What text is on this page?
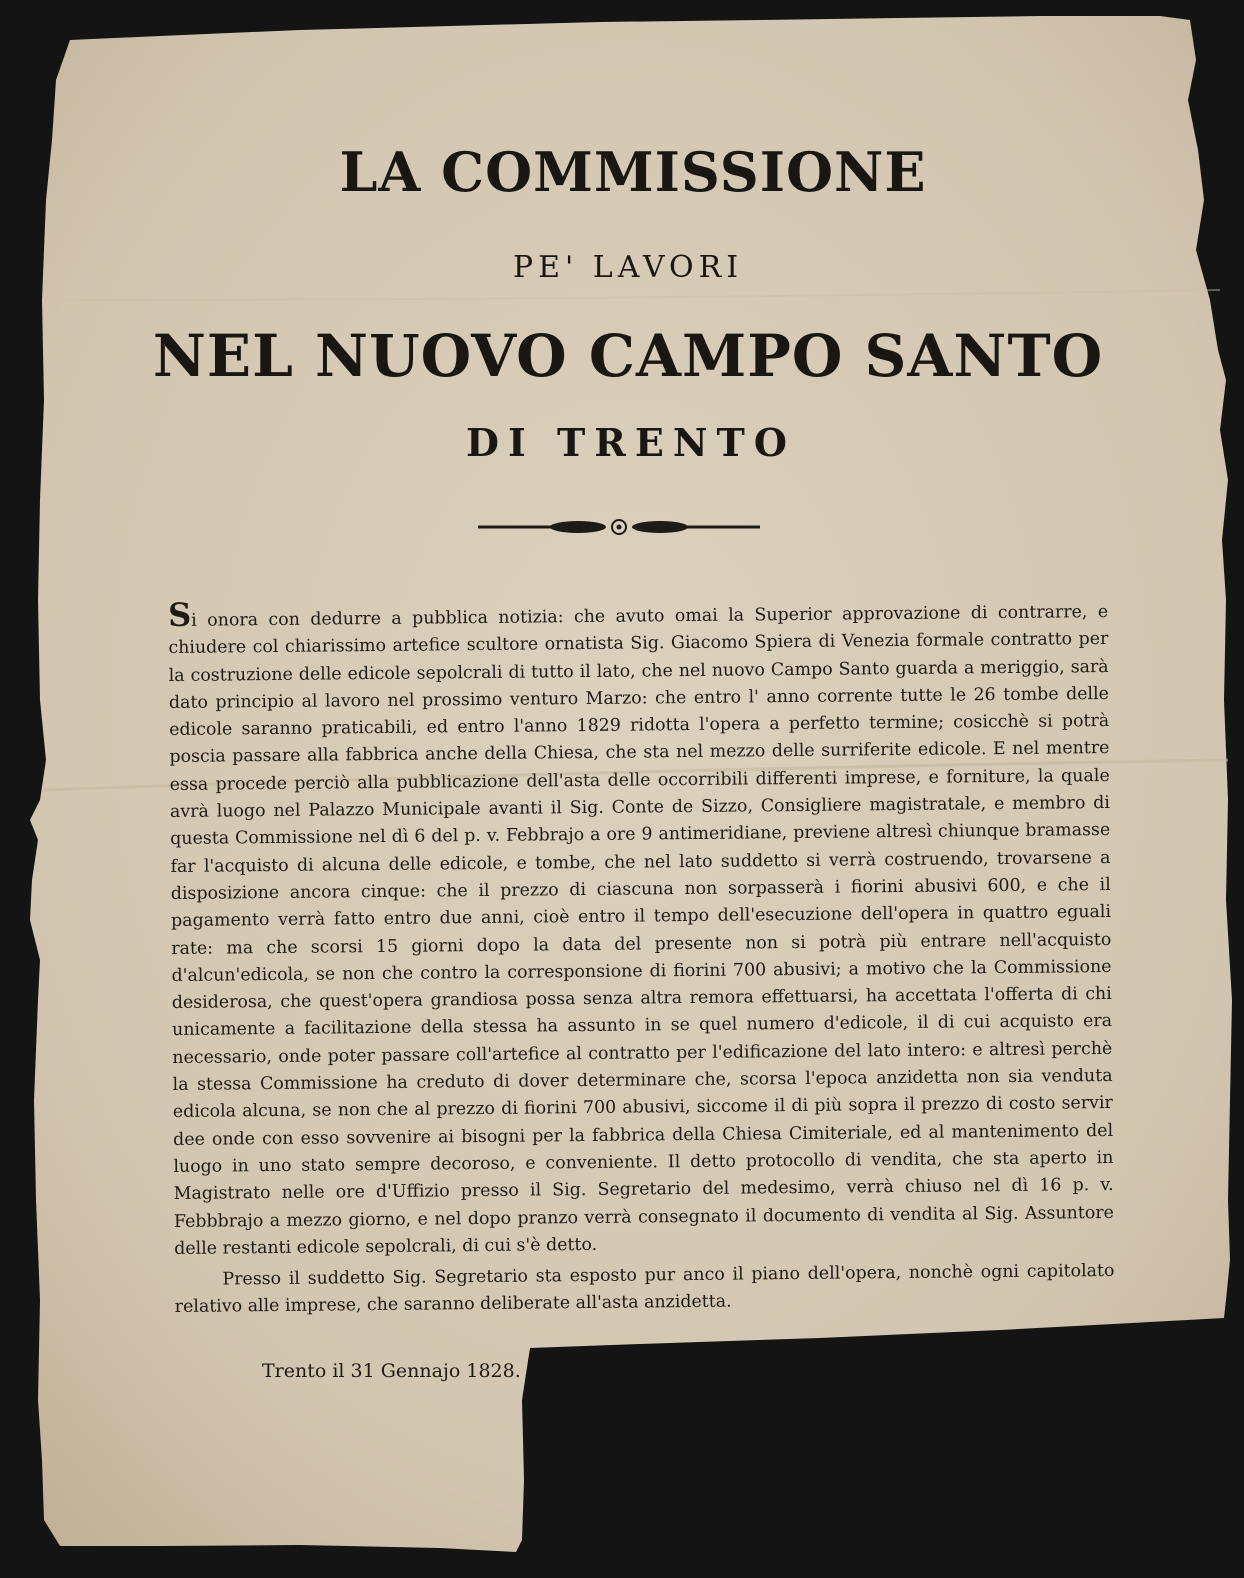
LA COMMISSIONE
PE' LAVORI
NEL NUOVO CAMPO SANTO
DI TRENTO

Si onora con dedurre a pubblica notizia: che avuto omai la Superior approvazione di contrarre, e chiudere col chiarissimo artefice scultore ornatista Sig. Giacomo Spiera di Venezia formale contratto per la costruzione delle edicole sepolcrali di tutto il lato, che nel nuovo Campo Santo guarda a meriggio, sarà dato principio al lavoro nel prossimo venturo Marzo: che entro l' anno corrente tutte le 26 tombe delle edicole saranno praticabili, ed entro l'anno 1829 ridotta l'opera a perfetto termine; cosicchè si potrà poscia passare alla fabbrica anche della Chiesa, che sta nel mezzo delle surriferite edicole. E nel mentre essa procede perciò alla pubblicazione dell'asta delle occorribili differenti imprese, e forniture, la quale avrà luogo nel Palazzo Municipale avanti il Sig. Conte de Sizzo, Consigliere magistratale, e membro di questa Commissione nel dì 6 del p. v. Febbrajo a ore 9 antimeridiane, previene altresì chiunque bramasse far l'acquisto di alcuna delle edicole, e tombe, che nel lato suddetto si verrà costruendo, trovarsene a disposizione ancora cinque: che il prezzo di ciascuna non sorpasserà i fiorini abusivi 600, e che il pagamento verrà fatto entro due anni, cioè entro il tempo dell'esecuzione dell'opera in quattro eguali rate: ma che scorsi 15 giorni dopo la data del presente non si potrà più entrare nell'acquisto d'alcun'edicola, se non che contro la corresponsione di fiorini 700 abusivi; a motivo che la Commissione desiderosa, che quest'opera grandiosa possa senza altra remora effettuarsi, ha accettata l'offerta di chi unicamente a facilitazione della stessa ha assunto in se quel numero d'edicole, il di cui acquisto era necessario, onde poter passare coll'artefice al contratto per l'edificazione del lato intero: e altresì perchè la stessa Commissione ha creduto di dover determinare che, scorsa l'epoca anzidetta non sia venduta edicola alcuna, se non che al prezzo di fiorini 700 abusivi, siccome il di più sopra il prezzo di costo servir dee onde con esso sovvenire ai bisogni per la fabbrica della Chiesa Cimiteriale, ed al mantenimento del luogo in uno stato sempre decoroso, e conveniente. Il detto protocollo di vendita, che sta aperto in Magistrato nelle ore d'Uffizio presso il Sig. Segretario del medesimo, verrà chiuso nel dì 16 p. v. Febbbrajo a mezzo giorno, e nel dopo pranzo verrà consegnato il documento di vendita al Sig. Assuntore delle restanti edicole sepolcrali, di cui s'è detto.

Presso il suddetto Sig. Segretario sta esposto pur anco il piano dell'opera, nonchè ogni capitolato relativo alle imprese, che saranno deliberate all'asta anzidetta.

Trento il 31 Gennajo 1828.
